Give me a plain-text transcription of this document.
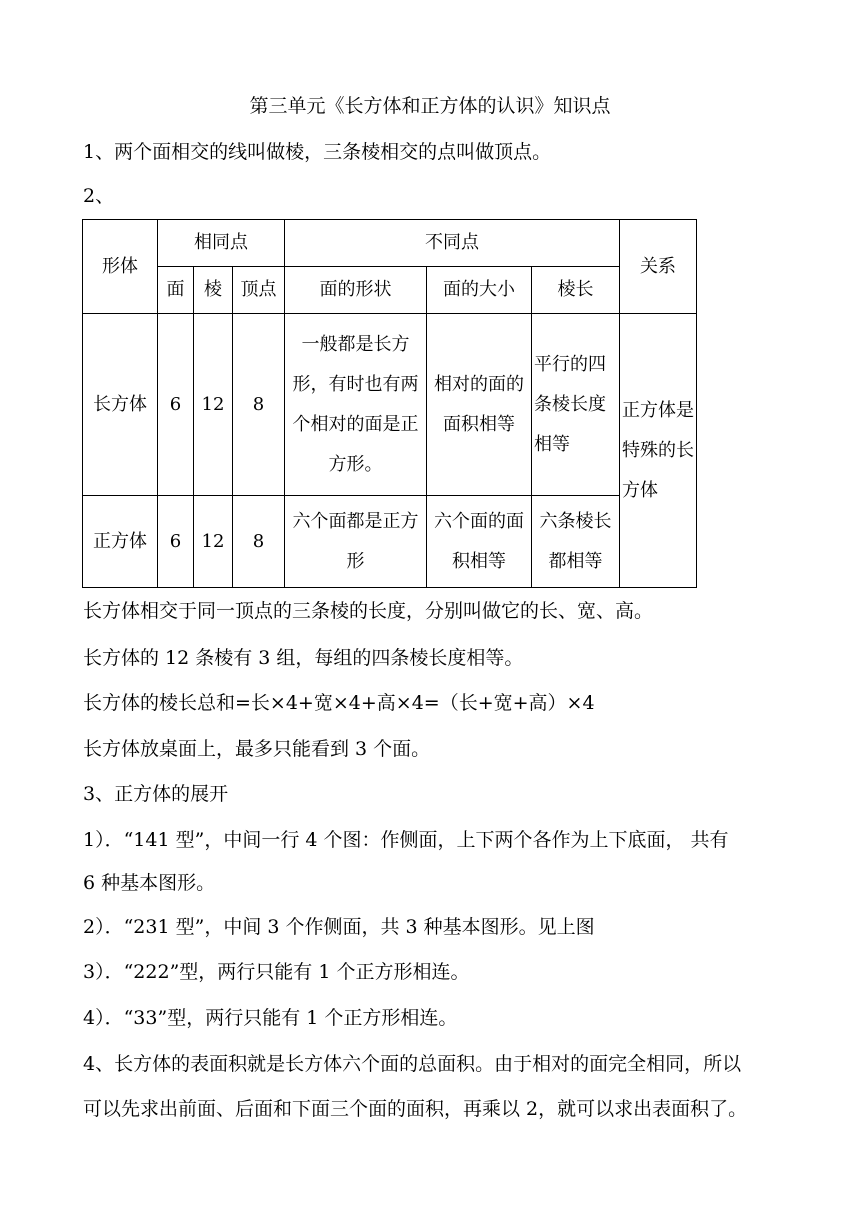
第三单元《长方体和正方体的认识》知识点
1、两个面相交的线叫做棱，三条棱相交的点叫做顶点。
2、
形体	相同点			不同点			关系
	面	棱	顶点	面的形状	面的大小	棱长	
长方体	6	12	8	一般都是长方形，有时也有两个相对的面是正方形。	相对的面的面积相等	平行的四条棱长度相等	正方体是特殊的长方体
正方体	6	12	8	六个面都是正方形	六个面的面积相等	六条棱长都相等	
长方体相交于同一顶点的三条棱的长度，分别叫做它的长、宽、高。
长方体的 12 条棱有 3 组，每组的四条棱长度相等。
长方体的棱长总和=长×4+宽×4+高×4=（长+宽+高）×4
长方体放桌面上，最多只能看到 3 个面。
3、正方体的展开
1）．“141 型”，中间一行 4 个图：作侧面，上下两个各作为上下底面， 共有
6 种基本图形。
2）．“231 型”，中间 3 个作侧面，共 3 种基本图形。见上图
3）．“222”型，两行只能有 1 个正方形相连。
4）．“33”型，两行只能有 1 个正方形相连。
4、长方体的表面积就是长方体六个面的总面积。由于相对的面完全相同，所以
可以先求出前面、后面和下面三个面的面积，再乘以 2，就可以求出表面积了。
